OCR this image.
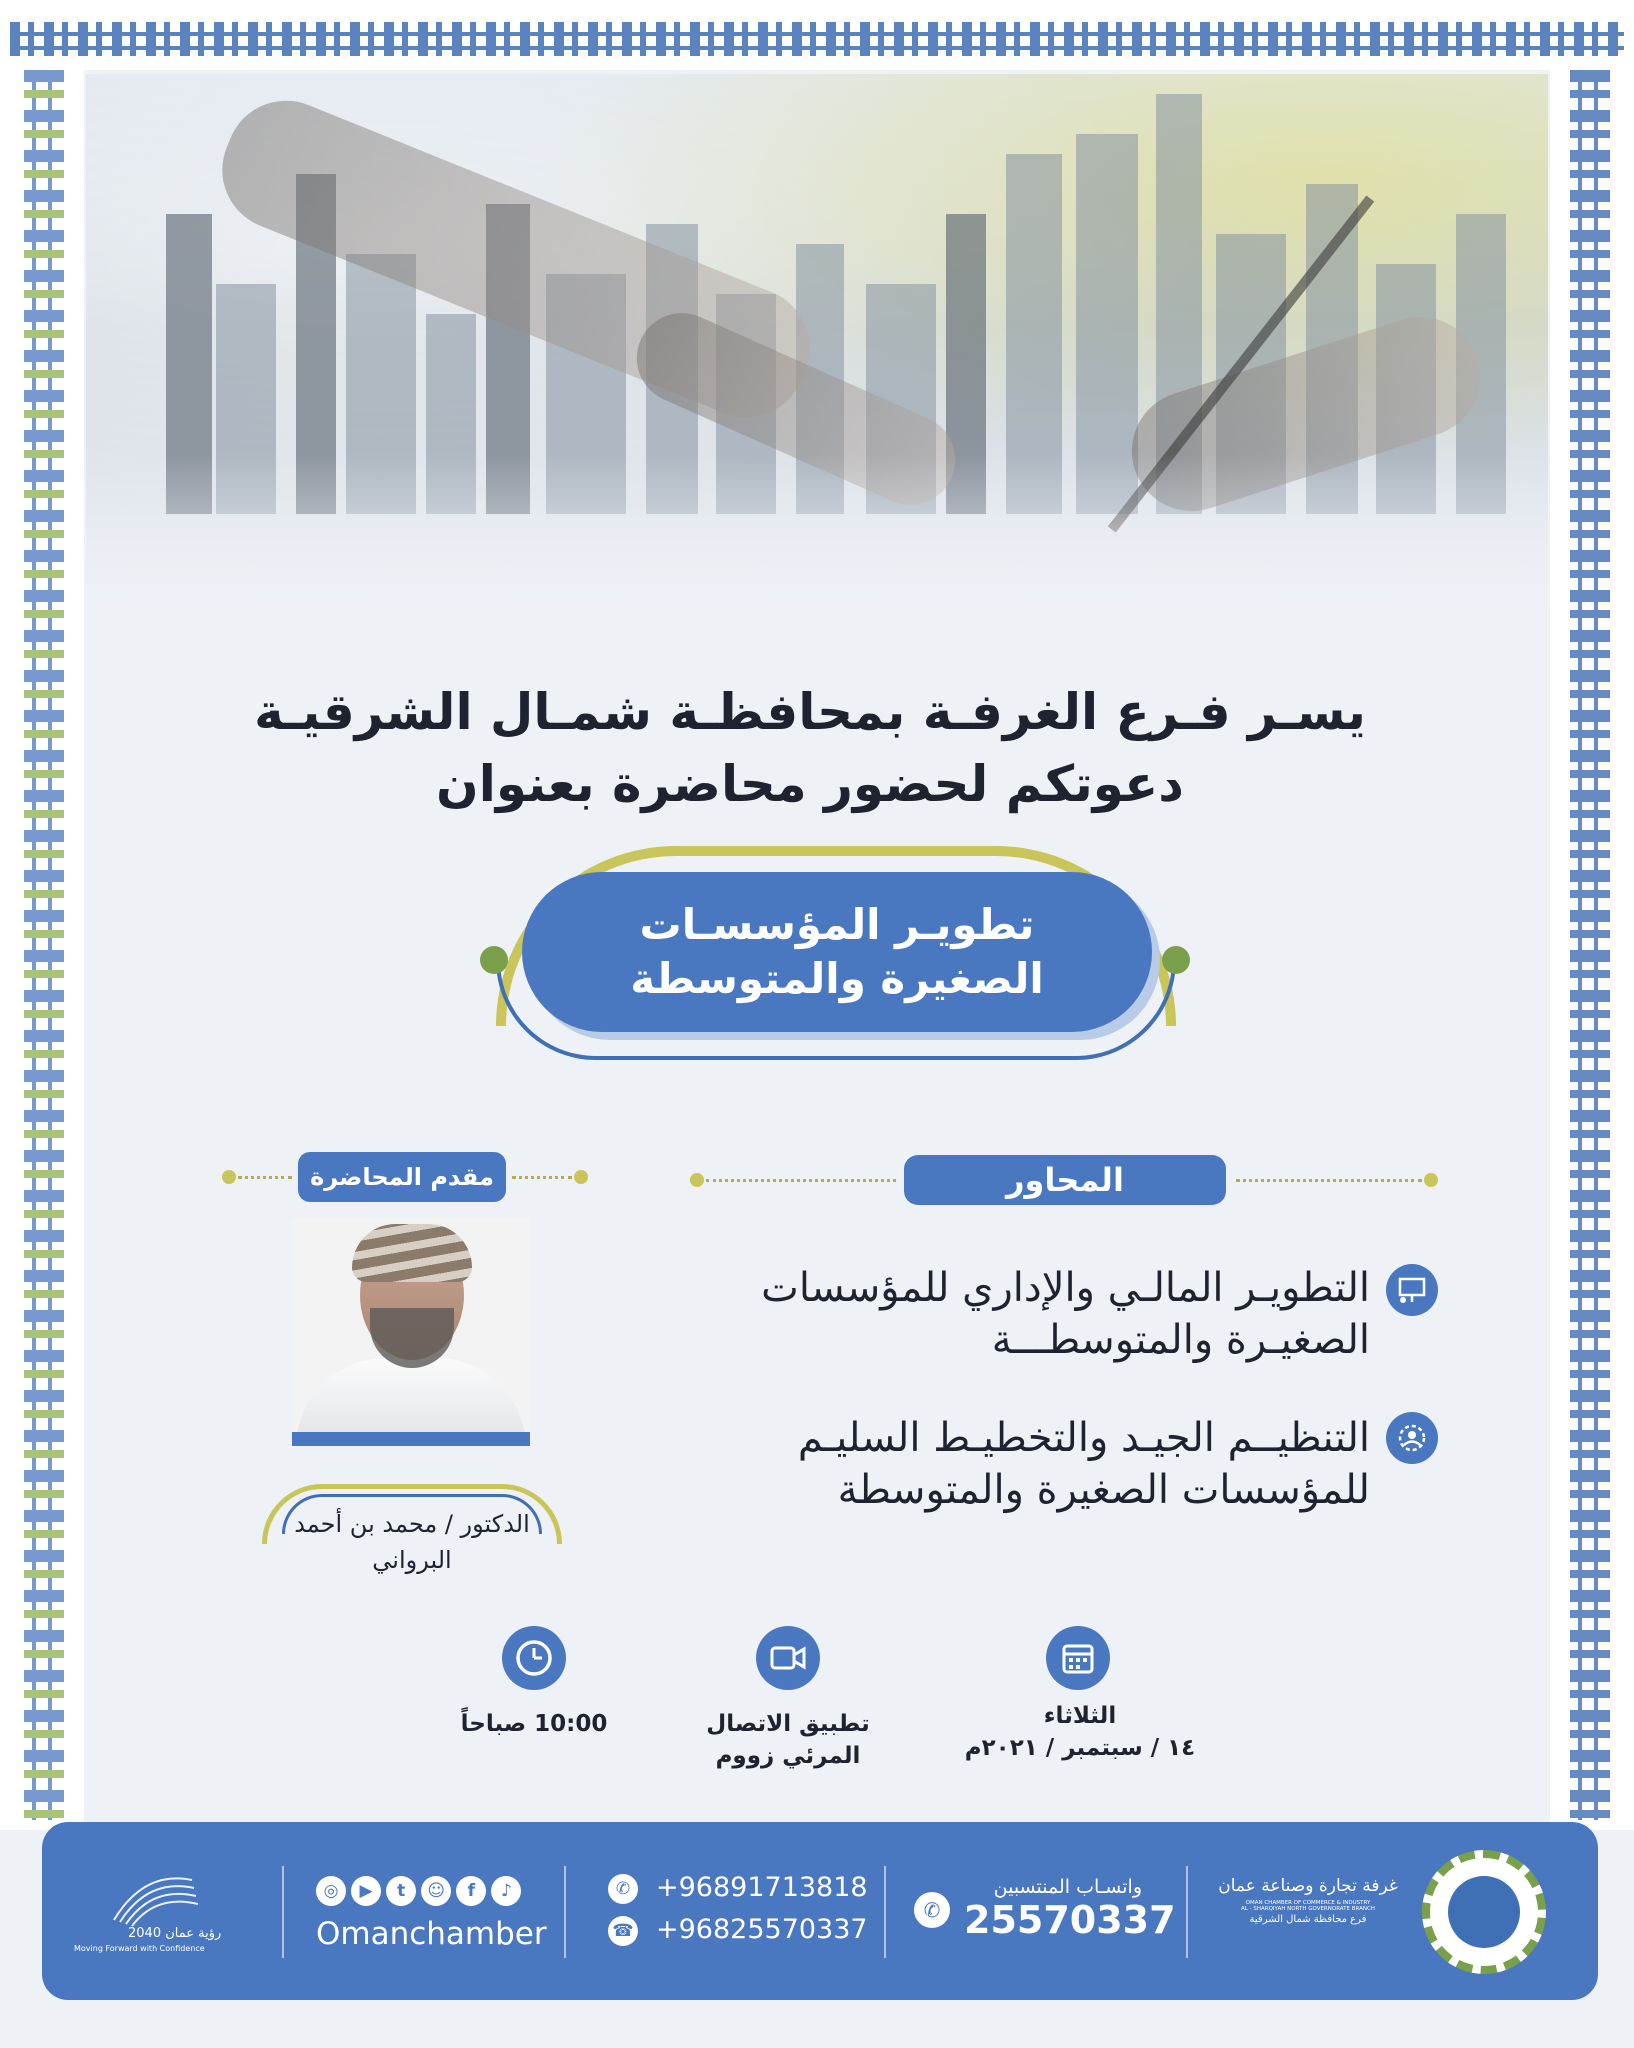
يسـر فـرع الغرفـة بمحافظـة شمـال الشرقيـة
دعوتكم لحضور محاضرة بعنوان
تطويـر المؤسسـات
الصغيرة والمتوسطة
المحاور
التطويـر المالـي والإداري للمؤسسات
الصغيـرة والمتوسطـــة
التنظيــم الجيـد والتخطيـط السليـم
للمؤسسات الصغيرة والمتوسطة
مقدم المحاضرة
الدكتور / محمد بن أحمد
البرواني
10:00 صباحاً	تطبيق الاتصال
المرئي زووم
الثلاثاء
١٤ / سبتمبر / ٢٠٢١م
رؤية عمان 2040
Moving Forward with Confidence
◎ ▶ t ☺ f ♪
Omanchamber
✆ +96891713818
☎ +96825570337
✆
واتسـاب المنتسبين
25570337
غرفة تجارة وصناعة عمان
OMAN CHAMBER OF COMMERCE & INDUSTRY
AL - SHARQIYAH NORTH GOVERNORATE BRANCH
فرع محافظة شمال الشرقية
